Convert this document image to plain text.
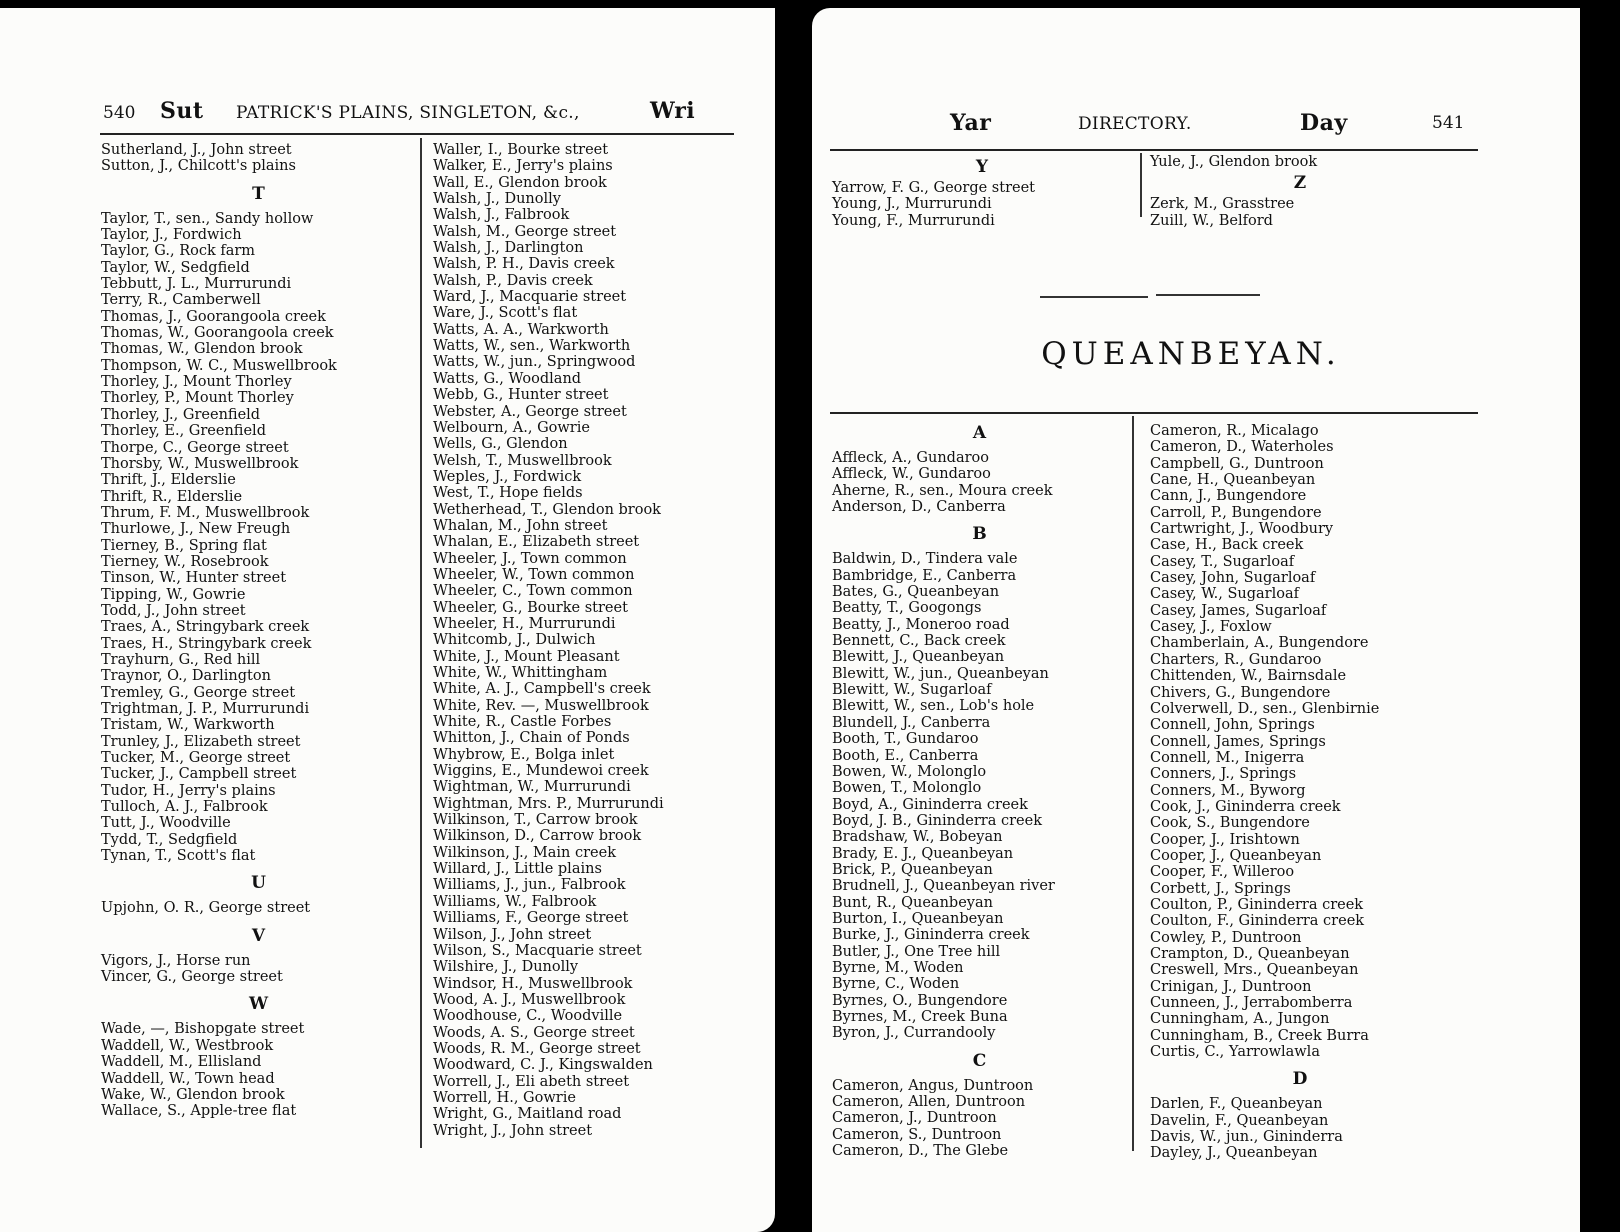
540 Sut PATRICK'S PLAINS, SINGLETON, &c.,	Wri
Sutherland, J., John street
Sutton, J., Chilcott's plains
T
Taylor, T., sen., Sandy hollow
Taylor, J., Fordwich
Taylor, G., Rock farm
Taylor, W., Sedgfield
Tebbutt, J. L., Murrurundi
Terry, R., Camberwell
Thomas, J., Goorangoola creek
Thomas, W., Goorangoola creek
Thomas, W., Glendon brook
Thompson, W. C., Muswellbrook
Thorley, J., Mount Thorley
Thorley, P., Mount Thorley
Thorley, J., Greenfield
Thorley, E., Greenfield
Thorpe, C., George street
Thorsby, W., Muswellbrook
Thrift, J., Elderslie
Thrift, R., Elderslie
Thrum, F. M., Muswellbrook
Thurlowe, J., New Freugh
Tierney, B., Spring flat
Tierney, W., Rosebrook
Tinson, W., Hunter street
Tipping, W., Gowrie
Todd, J., John street
Traes, A., Stringybark creek
Traes, H., Stringybark creek
Trayhurn, G., Red hill
Traynor, O., Darlington
Tremley, G., George street
Trightman, J. P., Murrurundi
Tristam, W., Warkworth
Trunley, J., Elizabeth street
Tucker, M., George street
Tucker, J., Campbell street
Tudor, H., Jerry's plains
Tulloch, A. J., Falbrook
Tutt, J., Woodville
Tydd, T., Sedgfield
Tynan, T., Scott's flat
U
Upjohn, O. R., George street
V
Vigors, J., Horse run
Vincer, G., George street
W
Wade, —, Bishopgate street
Waddell, W., Westbrook
Waddell, M., Ellisland
Waddell, W., Town head
Wake, W., Glendon brook
Wallace, S., Apple-tree flat
Waller, I., Bourke street
Walker, E., Jerry's plains
Wall, E., Glendon brook
Walsh, J., Dunolly
Walsh, J., Falbrook
Walsh, M., George street
Walsh, J., Darlington
Walsh, P. H., Davis creek
Walsh, P., Davis creek
Ward, J., Macquarie street
Ware, J., Scott's flat
Watts, A. A., Warkworth
Watts, W., sen., Warkworth
Watts, W., jun., Springwood
Watts, G., Woodland
Webb, G., Hunter street
Webster, A., George street
Welbourn, A., Gowrie
Wells, G., Glendon
Welsh, T., Muswellbrook
Weples, J., Fordwick
West, T., Hope fields
Wetherhead, T., Glendon brook
Whalan, M., John street
Whalan, E., Elizabeth street
Wheeler, J., Town common
Wheeler, W., Town common
Wheeler, C., Town common
Wheeler, G., Bourke street
Wheeler, H., Murrurundi
Whitcomb, J., Dulwich
White, J., Mount Pleasant
White, W., Whittingham
White, A. J., Campbell's creek
White, Rev. —, Muswellbrook
White, R., Castle Forbes
Whitton, J., Chain of Ponds
Whybrow, E., Bolga inlet
Wiggins, E., Mundewoi creek
Wightman, W., Murrurundi
Wightman, Mrs. P., Murrurundi
Wilkinson, T., Carrow brook
Wilkinson, D., Carrow brook
Wilkinson, J., Main creek
Willard, J., Little plains
Williams, J., jun., Falbrook
Williams, W., Falbrook
Williams, F., George street
Wilson, J., John street
Wilson, S., Macquarie street
Wilshire, J., Dunolly
Windsor, H., Muswellbrook
Wood, A. J., Muswellbrook
Woodhouse, C., Woodville
Woods, A. S., George street
Woods, R. M., George street
Woodward, C. J., Kingswalden
Worrell, J., Eli abeth street
Worrell, H., Gowrie
Wright, G., Maitland road
Wright, J., John street
Yar	DIRECTORY.	Day	541
Y
Yarrow, F. G., George street
Young, J., Murrurundi
Young, F., Murrurundi
Yule, J., Glendon brook
Z
Zerk, M., Grasstree
Zuill, W., Belford
QUEANBEYAN.
A
Affleck, A., Gundaroo
Affleck, W., Gundaroo
Aherne, R., sen., Moura creek
Anderson, D., Canberra
B
Baldwin, D., Tindera vale
Bambridge, E., Canberra
Bates, G., Queanbeyan
Beatty, T., Googongs
Beatty, J., Moneroo road
Bennett, C., Back creek
Blewitt, J., Queanbeyan
Blewitt, W., jun., Queanbeyan
Blewitt, W., Sugarloaf
Blewitt, W., sen., Lob's hole
Blundell, J., Canberra
Booth, T., Gundaroo
Booth, E., Canberra
Bowen, W., Molonglo
Bowen, T., Molonglo
Boyd, A., Gininderra creek
Boyd, J. B., Gininderra creek
Bradshaw, W., Bobeyan
Brady, E. J., Queanbeyan
Brick, P., Queanbeyan
Brudnell, J., Queanbeyan river
Bunt, R., Queanbeyan
Burton, I., Queanbeyan
Burke, J., Gininderra creek
Butler, J., One Tree hill
Byrne, M., Woden
Byrne, C., Woden
Byrnes, O., Bungendore
Byrnes, M., Creek Buna
Byron, J., Currandooly
C
Cameron, Angus, Duntroon
Cameron, Allen, Duntroon
Cameron, J., Duntroon
Cameron, S., Duntroon
Cameron, D., The Glebe
Cameron, R., Micalago
Cameron, D., Waterholes
Campbell, G., Duntroon
Cane, H., Queanbeyan
Cann, J., Bungendore
Carroll, P., Bungendore
Cartwright, J., Woodbury
Case, H., Back creek
Casey, T., Sugarloaf
Casey, John, Sugarloaf
Casey, W., Sugarloaf
Casey, James, Sugarloaf
Casey, J., Foxlow
Chamberlain, A., Bungendore
Charters, R., Gundaroo
Chittenden, W., Bairnsdale
Chivers, G., Bungendore
Colverwell, D., sen., Glenbirnie
Connell, John, Springs
Connell, James, Springs
Connell, M., Inigerra
Conners, J., Springs
Conners, M., Byworg
Cook, J., Gininderra creek
Cook, S., Bungendore
Cooper, J., Irishtown
Cooper, J., Queanbeyan
Cooper, F., Willeroo
Corbett, J., Springs
Coulton, P., Gininderra creek
Coulton, F., Gininderra creek
Cowley, P., Duntroon
Crampton, D., Queanbeyan
Creswell, Mrs., Queanbeyan
Crinigan, J., Duntroon
Cunneen, J., Jerrabomberra
Cunningham, A., Jungon
Cunningham, B., Creek Burra
Curtis, C., Yarrowlawla
D
Darlen, F., Queanbeyan
Davelin, F., Queanbeyan
Davis, W., jun., Gininderra
Dayley, J., Queanbeyan
